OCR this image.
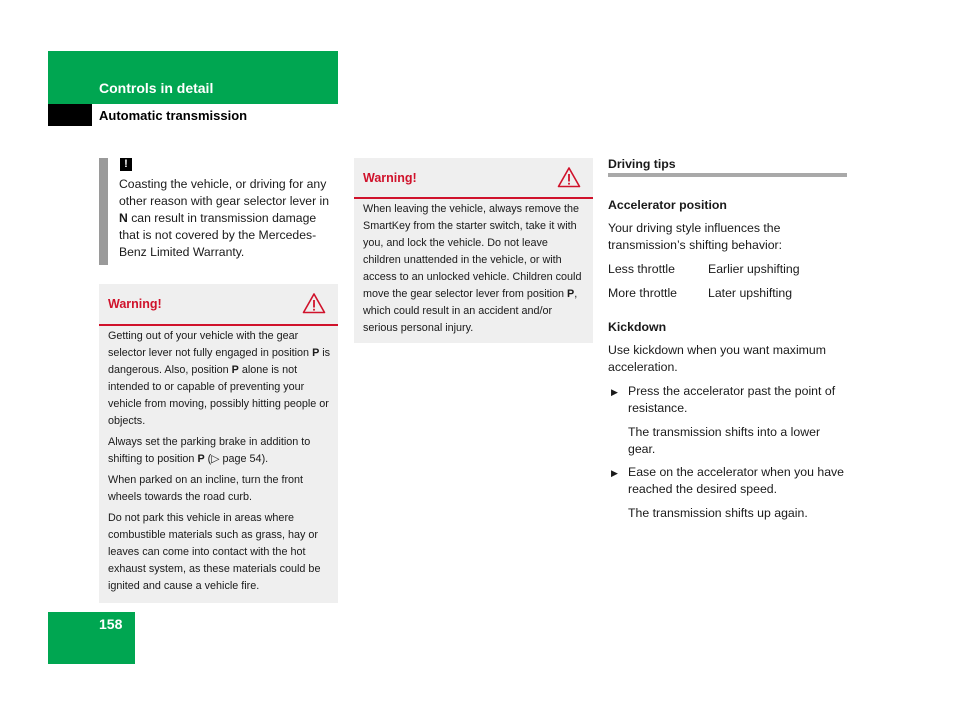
Controls in detail
Automatic transmission
!
Coasting the vehicle, or driving for any other reason with gear selector lever in N can result in transmission damage that is not covered by the Mercedes-Benz Limited Warranty.
Warning!

Getting out of your vehicle with the gear selector lever not fully engaged in position P is dangerous. Also, position P alone is not intended to or capable of preventing your vehicle from moving, possibly hitting people or objects.

Always set the parking brake in addition to shifting to position P (▷ page 54).

When parked on an incline, turn the front wheels towards the road curb.

Do not park this vehicle in areas where combustible materials such as grass, hay or leaves can come into contact with the hot exhaust system, as these materials could be ignited and cause a vehicle fire.

Warning!

When leaving the vehicle, always remove the SmartKey from the starter switch, take it with you, and lock the vehicle. Do not leave children unattended in the vehicle, or with access to an unlocked vehicle. Children could move the gear selector lever from position P, which could result in an accident and/or serious personal injury.

Driving tips
Accelerator position
Your driving style influences the transmission’s shifting behavior:
Less throttle	Earlier upshifting
More throttle	Later upshifting
Kickdown
Use kickdown when you want maximum acceleration.
▶ Press the accelerator past the point of resistance.
The transmission shifts into a lower gear.
▶ Ease on the accelerator when you have reached the desired speed.
The transmission shifts up again.
158
